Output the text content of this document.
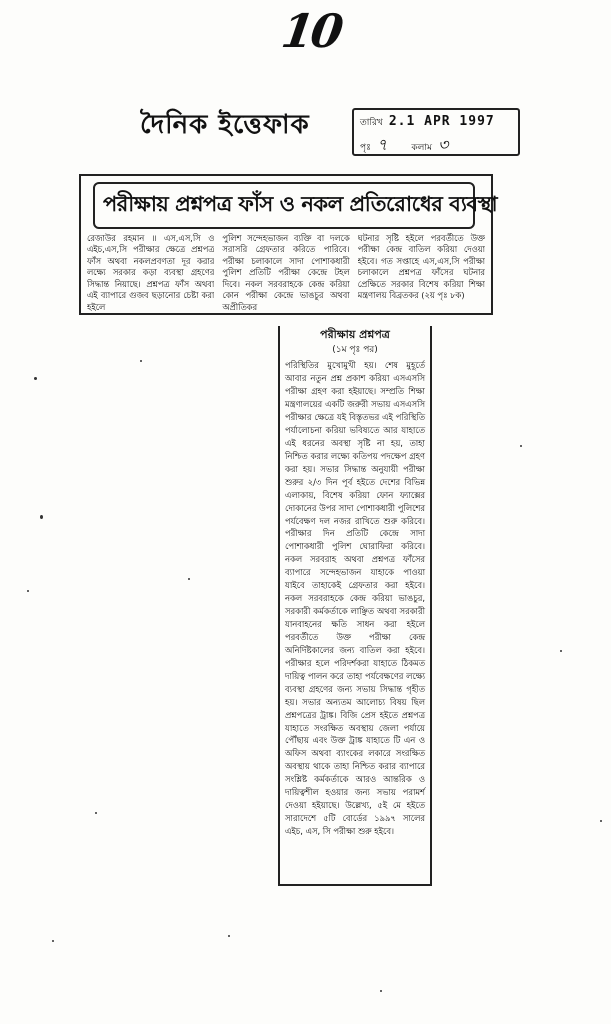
10
দৈনিক ইত্তেফাক	তারিখ 2.1 APR 1997
পৃঃ ৭	কলাম ৩
পরীক্ষায় প্রশ্নপত্র ফাঁস ও নকল প্রতিরোধের ব্যবস্থা
রেজাউর রহমান ॥ এস,এস,সি ও এইচ,এস,সি পরীক্ষার ক্ষেত্রে প্রশ্নপত্র ফাঁস অথবা নকলপ্রবণতা দূর করার লক্ষ্যে সরকার কড়া ব্যবস্থা গ্রহণের সিদ্ধান্ত নিয়াছে। প্রশ্নপত্র ফাঁস অথবা এই ব্যাপারে গুজব ছড়ানোর চেষ্টা করা হইলে
পুলিশ সন্দেহভাজন ব্যক্তি বা দলকে সরাসরি গ্রেফতার করিতে পারিবে। পরীক্ষা চলাকালে সাদা পোশাকধারী পুলিশ প্রতিটি পরীক্ষা কেন্দ্রে টহল দিবে। নকল সরবরাহকে কেন্দ্র করিয়া কোন পরীক্ষা কেন্দ্রে ভাঙচুর অথবা অপ্রীতিকর
ঘটনার সৃষ্টি হইলে পরবর্তীতে উক্ত পরীক্ষা কেন্দ্র বাতিল করিয়া দেওয়া হইবে। গত সপ্তাহে এস,এস,সি পরীক্ষা চলাকালে প্রশ্নপত্র ফাঁসের ঘটনার প্রেক্ষিতে সরকার বিশেষ করিয়া শিক্ষা মন্ত্রণালয় বিব্রতকর (২য় পৃঃ ৮ক)
পরীক্ষায় প্রশ্নপত্র
(১ম পৃঃ পর)
পরিস্থিতির মুখোমুখী হয়। শেষ মুহূর্তে আবার নতুন প্রশ্ন প্রকাশ করিয়া এসএসসি পরীক্ষা গ্রহণ করা হইয়াছে। সম্প্রতি শিক্ষা মন্ত্রণালয়ের একটি জরুরী সভায় এসএসসি পরীক্ষার ক্ষেত্রে যই বিস্তৃতভর এই পরিস্থিতি পর্যালোচনা করিয়া ভবিষ্যতে আর যাহাতে এই ধরনের অবস্থা সৃষ্টি না হয়, তাহা নিশ্চিত করার লক্ষ্যে কতিপয় পদক্ষেপ গ্রহণ করা হয়। সভার সিদ্ধান্ত অনুযায়ী পরীক্ষা শুরুর ২/৩ দিন পূর্ব হইতে দেশের বিভিন্ন এলাকায়, বিশেষ করিয়া ফোন ফ্যাক্সের দোকানের উপর সাদা পোশাকধারী পুলিশের পর্যবেক্ষণ দল নজর রাখিতে শুরু করিবে। পরীক্ষার দিন প্রতিটি কেন্দ্রে সাদা পোশাকধারী পুলিশ ঘোরাফিরা করিবে। নকল সরবরাহ অথবা প্রশ্নপত্র ফাঁসের ব্যাপারে সন্দেহভাজন যাহাকে পাওয়া যাইবে তাহাকেই গ্রেফতার করা হইবে। নকল সরবরাহকে কেন্দ্র করিয়া ভাঙচুর, সরকারী কর্মকর্তাকে লাঞ্ছিত অথবা সরকারী যানবাহনের ক্ষতি সাধন করা হইলে পরবর্তীতে উক্ত পরীক্ষা কেন্দ্র অনির্দিষ্টকালের জন্য বাতিল করা হইবে। পরীক্ষার হলে পরিদর্শকরা যাহাতে ঠিকমত দায়িত্ব পালন করে তাহা পর্যবেক্ষণের লক্ষ্যে ব্যবস্থা গ্রহণের জন্য সভায় সিদ্ধান্ত গৃহীত হয়। সভার অন্যতম আলোচ্য বিষয় ছিল প্রশ্নপত্রের ট্রাঙ্ক। বিজি প্রেস হইতে প্রশ্নপত্র যাহাতে সংরক্ষিত অবস্থায় জেলা পর্যায়ে পৌঁছায় এবং উক্ত ট্রাঙ্ক যাহাতে টি এন ও অফিস অথবা ব্যাংকের লকারে সংরক্ষিত অবস্থায় থাকে তাহা নিশ্চিত করার ব্যাপারে সংশ্লিষ্ট কর্মকর্তাকে আরও আন্তরিক ও দায়িত্বশীল হওয়ার জন্য সভায় পরামর্শ দেওয়া হইয়াছে। উল্লেখ্য, ৫ই মে হইতে সারাদেশে ৫টি বোর্ডের ১৯৯৭ সালের এইচ, এস, সি পরীক্ষা শুরু হইবে।
